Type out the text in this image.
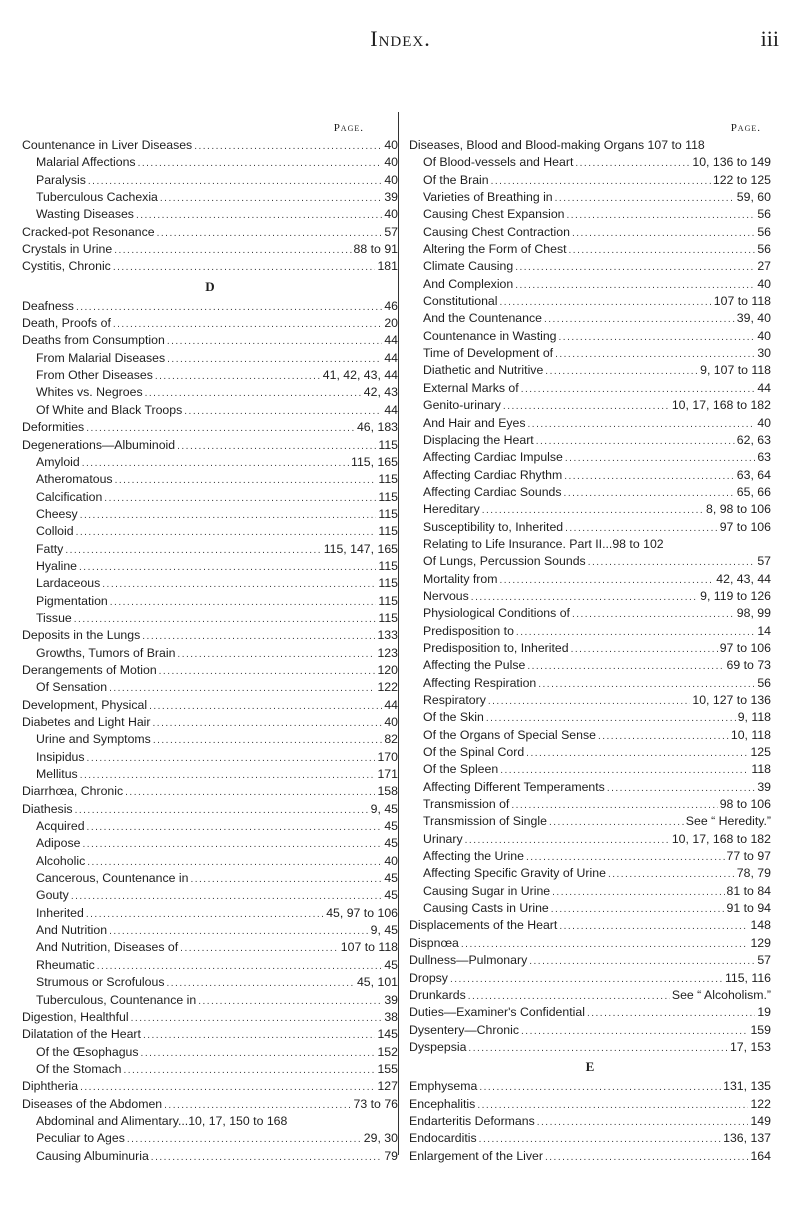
Index.	iii
Page.
Countenance in Liver Diseases .....	40
Malarial Affections .....	40
Paralysis .....	40
Tuberculous Cachexia .....	39
Wasting Diseases .....	40
Cracked-pot Resonance .....	57
Crystals in Urine .....	88 to 91
Cystitis, Chronic .....	181
D
Deafness .....	46
Death, Proofs of .....	20
Deaths from Consumption .....	44
From Malarial Diseases .....	44
From Other Diseases .....	41, 42, 43, 44
Whites vs. Negroes .....	42, 43
Of White and Black Troops .....	44
Deformities .....	46, 183
Degenerations—Albuminoid .....	115
Amyloid .....	115, 165
Atheromatous .....	115
Calcification .....	115
Cheesy .....	115
Colloid .....	115
Fatty .....	115, 147, 165
Hyaline .....	115
Lardaceous .....	115
Pigmentation .....	115
Tissue .....	115
Deposits in the Lungs .....	133
Growths, Tumors of Brain .....	123
Derangements of Motion .....	120
Of Sensation .....	122
Development, Physical .....	44
Diabetes and Light Hair .....	40
Urine and Symptoms .....	82
Insipidus .....	170
Mellitus .....	171
Diarrhœa, Chronic .....	158
Diathesis .....	9, 45
Acquired .....	45
Adipose .....	45
Alcoholic .....	40
Cancerous, Countenance in .....	45
Gouty .....	45
Inherited .....	45, 97 to 106
And Nutrition .....	9, 45
And Nutrition, Diseases of .....	107 to 118
Rheumatic .....	45
Strumous or Scrofulous .....	45, 101
Tuberculous, Countenance in .....	39
Digestion, Healthful .....	38
Dilatation of the Heart .....	145
Of the Œsophagus .....	152
Of the Stomach .....	155
Diphtheria .....	127
Diseases of the Abdomen .....	73 to 76
Abdominal and Alimentary...10, 17, 150 to 168
Peculiar to Ages .....	29, 30
Causing Albuminuria .....	79
Page.
Diseases, Blood and Blood-making Organs 107 to 118
Of Blood-vessels and Heart .....	10, 136 to 149
Of the Brain .....	122 to 125
Varieties of Breathing in .....	59, 60
Causing Chest Expansion .....	56
Causing Chest Contraction .....	56
Altering the Form of Chest .....	56
Climate Causing .....	27
And Complexion .....	40
Constitutional .....	107 to 118
And the Countenance .....	39, 40
Countenance in Wasting .....	40
Time of Development of .....	30
Diathetic and Nutritive .....	9, 107 to 118
External Marks of .....	44
Genito-urinary .....	10, 17, 168 to 182
And Hair and Eyes .....	40
Displacing the Heart .....	62, 63
Affecting Cardiac Impulse .....	63
Affecting Cardiac Rhythm .....	63, 64
Affecting Cardiac Sounds .....	65, 66
Hereditary .....	8, 98 to 106
Susceptibility to, Inherited .....	97 to 106
Relating to Life Insurance. Part II...98 to 102
Of Lungs, Percussion Sounds .....	57
Mortality from .....	42, 43, 44
Nervous .....	9, 119 to 126
Physiological Conditions of .....	98, 99
Predisposition to .....	14
Predisposition to, Inherited .....	97 to 106
Affecting the Pulse .....	69 to 73
Affecting Respiration .....	56
Respiratory .....	10, 127 to 136
Of the Skin .....	9, 118
Of the Organs of Special Sense .....	10, 118
Of the Spinal Cord .....	125
Of the Spleen .....	118
Affecting Different Temperaments .....	39
Transmission of .....	98 to 106
Transmission of Single .....	See “ Heredity.”
Urinary .....	10, 17, 168 to 182
Affecting the Urine .....	77 to 97
Affecting Specific Gravity of Urine .....	78, 79
Causing Sugar in Urine .....	81 to 84
Causing Casts in Urine .....	91 to 94
Displacements of the Heart .....	148
Dispnœa .....	129
Dullness—Pulmonary .....	57
Dropsy .....	115, 116
Drunkards .....	See “ Alcoholism.”
Duties—Examiner's Confidential .....	19
Dysentery—Chronic .....	159
Dyspepsia .....	17, 153
E
Emphysema .....	131, 135
Encephalitis .....	122
Endarteritis Deformans .....	149
Endocarditis .....	136, 137
Enlargement of the Liver .....	164
